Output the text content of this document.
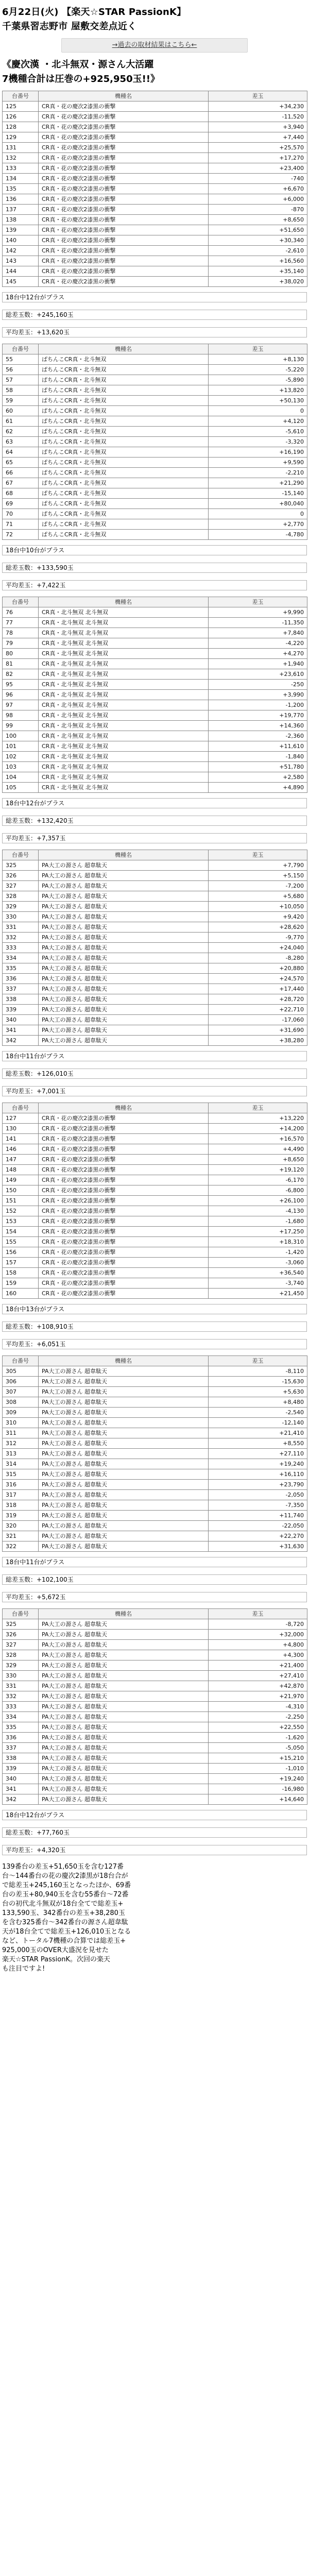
6月22日(火) 【楽天☆STAR PassionK】
千葉県習志野市 屋敷交差点近く
→過去の取材結果はこちら←
《慶次漢 ・北斗無双・源さん大活躍
7機種合計は圧巻の+925,950玉!!》
台番号	機種名	差玉
125	CR真・花の慶次2漆黒の衝撃	+34,230
126	CR真・花の慶次2漆黒の衝撃	-11,520
128	CR真・花の慶次2漆黒の衝撃	+3,940
129	CR真・花の慶次2漆黒の衝撃	+7,440
131	CR真・花の慶次2漆黒の衝撃	+25,570
132	CR真・花の慶次2漆黒の衝撃	+17,270
133	CR真・花の慶次2漆黒の衝撃	+23,400
134	CR真・花の慶次2漆黒の衝撃	-740
135	CR真・花の慶次2漆黒の衝撃	+6,670
136	CR真・花の慶次2漆黒の衝撃	+6,000
137	CR真・花の慶次2漆黒の衝撃	-870
138	CR真・花の慶次2漆黒の衝撃	+8,650
139	CR真・花の慶次2漆黒の衝撃	+51,650
140	CR真・花の慶次2漆黒の衝撃	+30,340
142	CR真・花の慶次2漆黒の衝撃	-2,610
143	CR真・花の慶次2漆黒の衝撃	+16,560
144	CR真・花の慶次2漆黒の衝撃	+35,140
145	CR真・花の慶次2漆黒の衝撃	+38,020
18台中12台がプラス
総差玉数：+245,160玉
平均差玉：+13,620玉
台番号	機種名	差玉
55	ぱちんこCR真・北斗無双	+8,130
56	ぱちんこCR真・北斗無双	-5,220
57	ぱちんこCR真・北斗無双	-5,890
58	ぱちんこCR真・北斗無双	+13,820
59	ぱちんこCR真・北斗無双	+50,130
60	ぱちんこCR真・北斗無双	0
61	ぱちんこCR真・北斗無双	+4,120
62	ぱちんこCR真・北斗無双	-5,610
63	ぱちんこCR真・北斗無双	-3,320
64	ぱちんこCR真・北斗無双	+16,190
65	ぱちんこCR真・北斗無双	+9,590
66	ぱちんこCR真・北斗無双	-2,210
67	ぱちんこCR真・北斗無双	+21,290
68	ぱちんこCR真・北斗無双	-15,140
69	ぱちんこCR真・北斗無双	+80,040
70	ぱちんこCR真・北斗無双	0
71	ぱちんこCR真・北斗無双	+2,770
72	ぱちんこCR真・北斗無双	-4,780
18台中10台がプラス
総差玉数：+133,590玉
平均差玉：+7,422玉
台番号	機種名	差玉
76	CR真・北斗無双 北斗無双	+9,990
77	CR真・北斗無双 北斗無双	-11,350
78	CR真・北斗無双 北斗無双	+7,840
79	CR真・北斗無双 北斗無双	-4,220
80	CR真・北斗無双 北斗無双	+4,270
81	CR真・北斗無双 北斗無双	+1,940
82	CR真・北斗無双 北斗無双	+23,610
95	CR真・北斗無双 北斗無双	-250
96	CR真・北斗無双 北斗無双	+3,990
97	CR真・北斗無双 北斗無双	-1,200
98	CR真・北斗無双 北斗無双	+19,770
99	CR真・北斗無双 北斗無双	+14,360
100	CR真・北斗無双 北斗無双	-2,360
101	CR真・北斗無双 北斗無双	+11,610
102	CR真・北斗無双 北斗無双	-1,840
103	CR真・北斗無双 北斗無双	+51,780
104	CR真・北斗無双 北斗無双	+2,580
105	CR真・北斗無双 北斗無双	+4,890
18台中12台がプラス
総差玉数：+132,420玉
平均差玉：+7,357玉
台番号	機種名	差玉
325	PA大工の源さん 超韋駄天	+7,790
326	PA大工の源さん 超韋駄天	+5,150
327	PA大工の源さん 超韋駄天	-7,200
328	PA大工の源さん 超韋駄天	+5,680
329	PA大工の源さん 超韋駄天	+10,050
330	PA大工の源さん 超韋駄天	+9,420
331	PA大工の源さん 超韋駄天	+28,620
332	PA大工の源さん 超韋駄天	-9,770
333	PA大工の源さん 超韋駄天	+24,040
334	PA大工の源さん 超韋駄天	-8,280
335	PA大工の源さん 超韋駄天	+20,880
336	PA大工の源さん 超韋駄天	+24,570
337	PA大工の源さん 超韋駄天	+17,440
338	PA大工の源さん 超韋駄天	+28,720
339	PA大工の源さん 超韋駄天	+22,710
340	PA大工の源さん 超韋駄天	-17,060
341	PA大工の源さん 超韋駄天	+31,690
342	PA大工の源さん 超韋駄天	+38,280
18台中11台がプラス
総差玉数：+126,010玉
平均差玉：+7,001玉
台番号	機種名	差玉
127	CR真・花の慶次2漆黒の衝撃	+13,220
130	CR真・花の慶次2漆黒の衝撃	+14,200
141	CR真・花の慶次2漆黒の衝撃	+16,570
146	CR真・花の慶次2漆黒の衝撃	+4,490
147	CR真・花の慶次2漆黒の衝撃	+8,650
148	CR真・花の慶次2漆黒の衝撃	+19,120
149	CR真・花の慶次2漆黒の衝撃	-6,170
150	CR真・花の慶次2漆黒の衝撃	-6,800
151	CR真・花の慶次2漆黒の衝撃	+26,100
152	CR真・花の慶次2漆黒の衝撃	-4,130
153	CR真・花の慶次2漆黒の衝撃	-1,680
154	CR真・花の慶次2漆黒の衝撃	+17,250
155	CR真・花の慶次2漆黒の衝撃	+18,310
156	CR真・花の慶次2漆黒の衝撃	-1,420
157	CR真・花の慶次2漆黒の衝撃	-3,060
158	CR真・花の慶次2漆黒の衝撃	+36,540
159	CR真・花の慶次2漆黒の衝撃	-3,740
160	CR真・花の慶次2漆黒の衝撃	+21,450
18台中13台がプラス
総差玉数：+108,910玉
平均差玉：+6,051玉
台番号	機種名	差玉
305	PA大工の源さん 超韋駄天	-8,110
306	PA大工の源さん 超韋駄天	-15,630
307	PA大工の源さん 超韋駄天	+5,630
308	PA大工の源さん 超韋駄天	+8,480
309	PA大工の源さん 超韋駄天	-2,540
310	PA大工の源さん 超韋駄天	-12,140
311	PA大工の源さん 超韋駄天	+21,410
312	PA大工の源さん 超韋駄天	+8,550
313	PA大工の源さん 超韋駄天	+27,110
314	PA大工の源さん 超韋駄天	+19,240
315	PA大工の源さん 超韋駄天	+16,110
316	PA大工の源さん 超韋駄天	+23,790
317	PA大工の源さん 超韋駄天	-2,050
318	PA大工の源さん 超韋駄天	-7,350
319	PA大工の源さん 超韋駄天	+11,740
320	PA大工の源さん 超韋駄天	-22,050
321	PA大工の源さん 超韋駄天	+22,270
322	PA大工の源さん 超韋駄天	+31,630
18台中11台がプラス
総差玉数：+102,100玉
平均差玉：+5,672玉
台番号	機種名	差玉
325	PA大工の源さん 超韋駄天	-8,720
326	PA大工の源さん 超韋駄天	+32,000
327	PA大工の源さん 超韋駄天	+4,800
328	PA大工の源さん 超韋駄天	+4,300
329	PA大工の源さん 超韋駄天	+21,400
330	PA大工の源さん 超韋駄天	+27,410
331	PA大工の源さん 超韋駄天	+42,870
332	PA大工の源さん 超韋駄天	+21,970
333	PA大工の源さん 超韋駄天	-4,310
334	PA大工の源さん 超韋駄天	-2,250
335	PA大工の源さん 超韋駄天	+22,550
336	PA大工の源さん 超韋駄天	-1,620
337	PA大工の源さん 超韋駄天	-5,050
338	PA大工の源さん 超韋駄天	+15,210
339	PA大工の源さん 超韋駄天	-1,010
340	PA大工の源さん 超韋駄天	+19,240
341	PA大工の源さん 超韋駄天	-16,980
342	PA大工の源さん 超韋駄天	+14,640
18台中12台がプラス
総差玉数：+77,760玉
平均差玉：+4,320玉
139番台の差玉+51,650玉を含む127番
台～144番台の花の慶次2漆黒が18台合が
で総差玉+245,160玉となったほか、69番
台の差玉+80,940玉を含む55番台～72番
台の初代北斗無双が18台全てで総差玉+
133,590玉、342番台の差玉+38,280玉
を含む325番台～342番台の源さん超韋駄
天が18台全てで総差玉+126,010玉となる
など、トータル7機種の合算では総差玉+
925,000玉のOVER大盛況を見せた
楽天☆STAR PassionK。次回の楽天
も注目ですよ!
